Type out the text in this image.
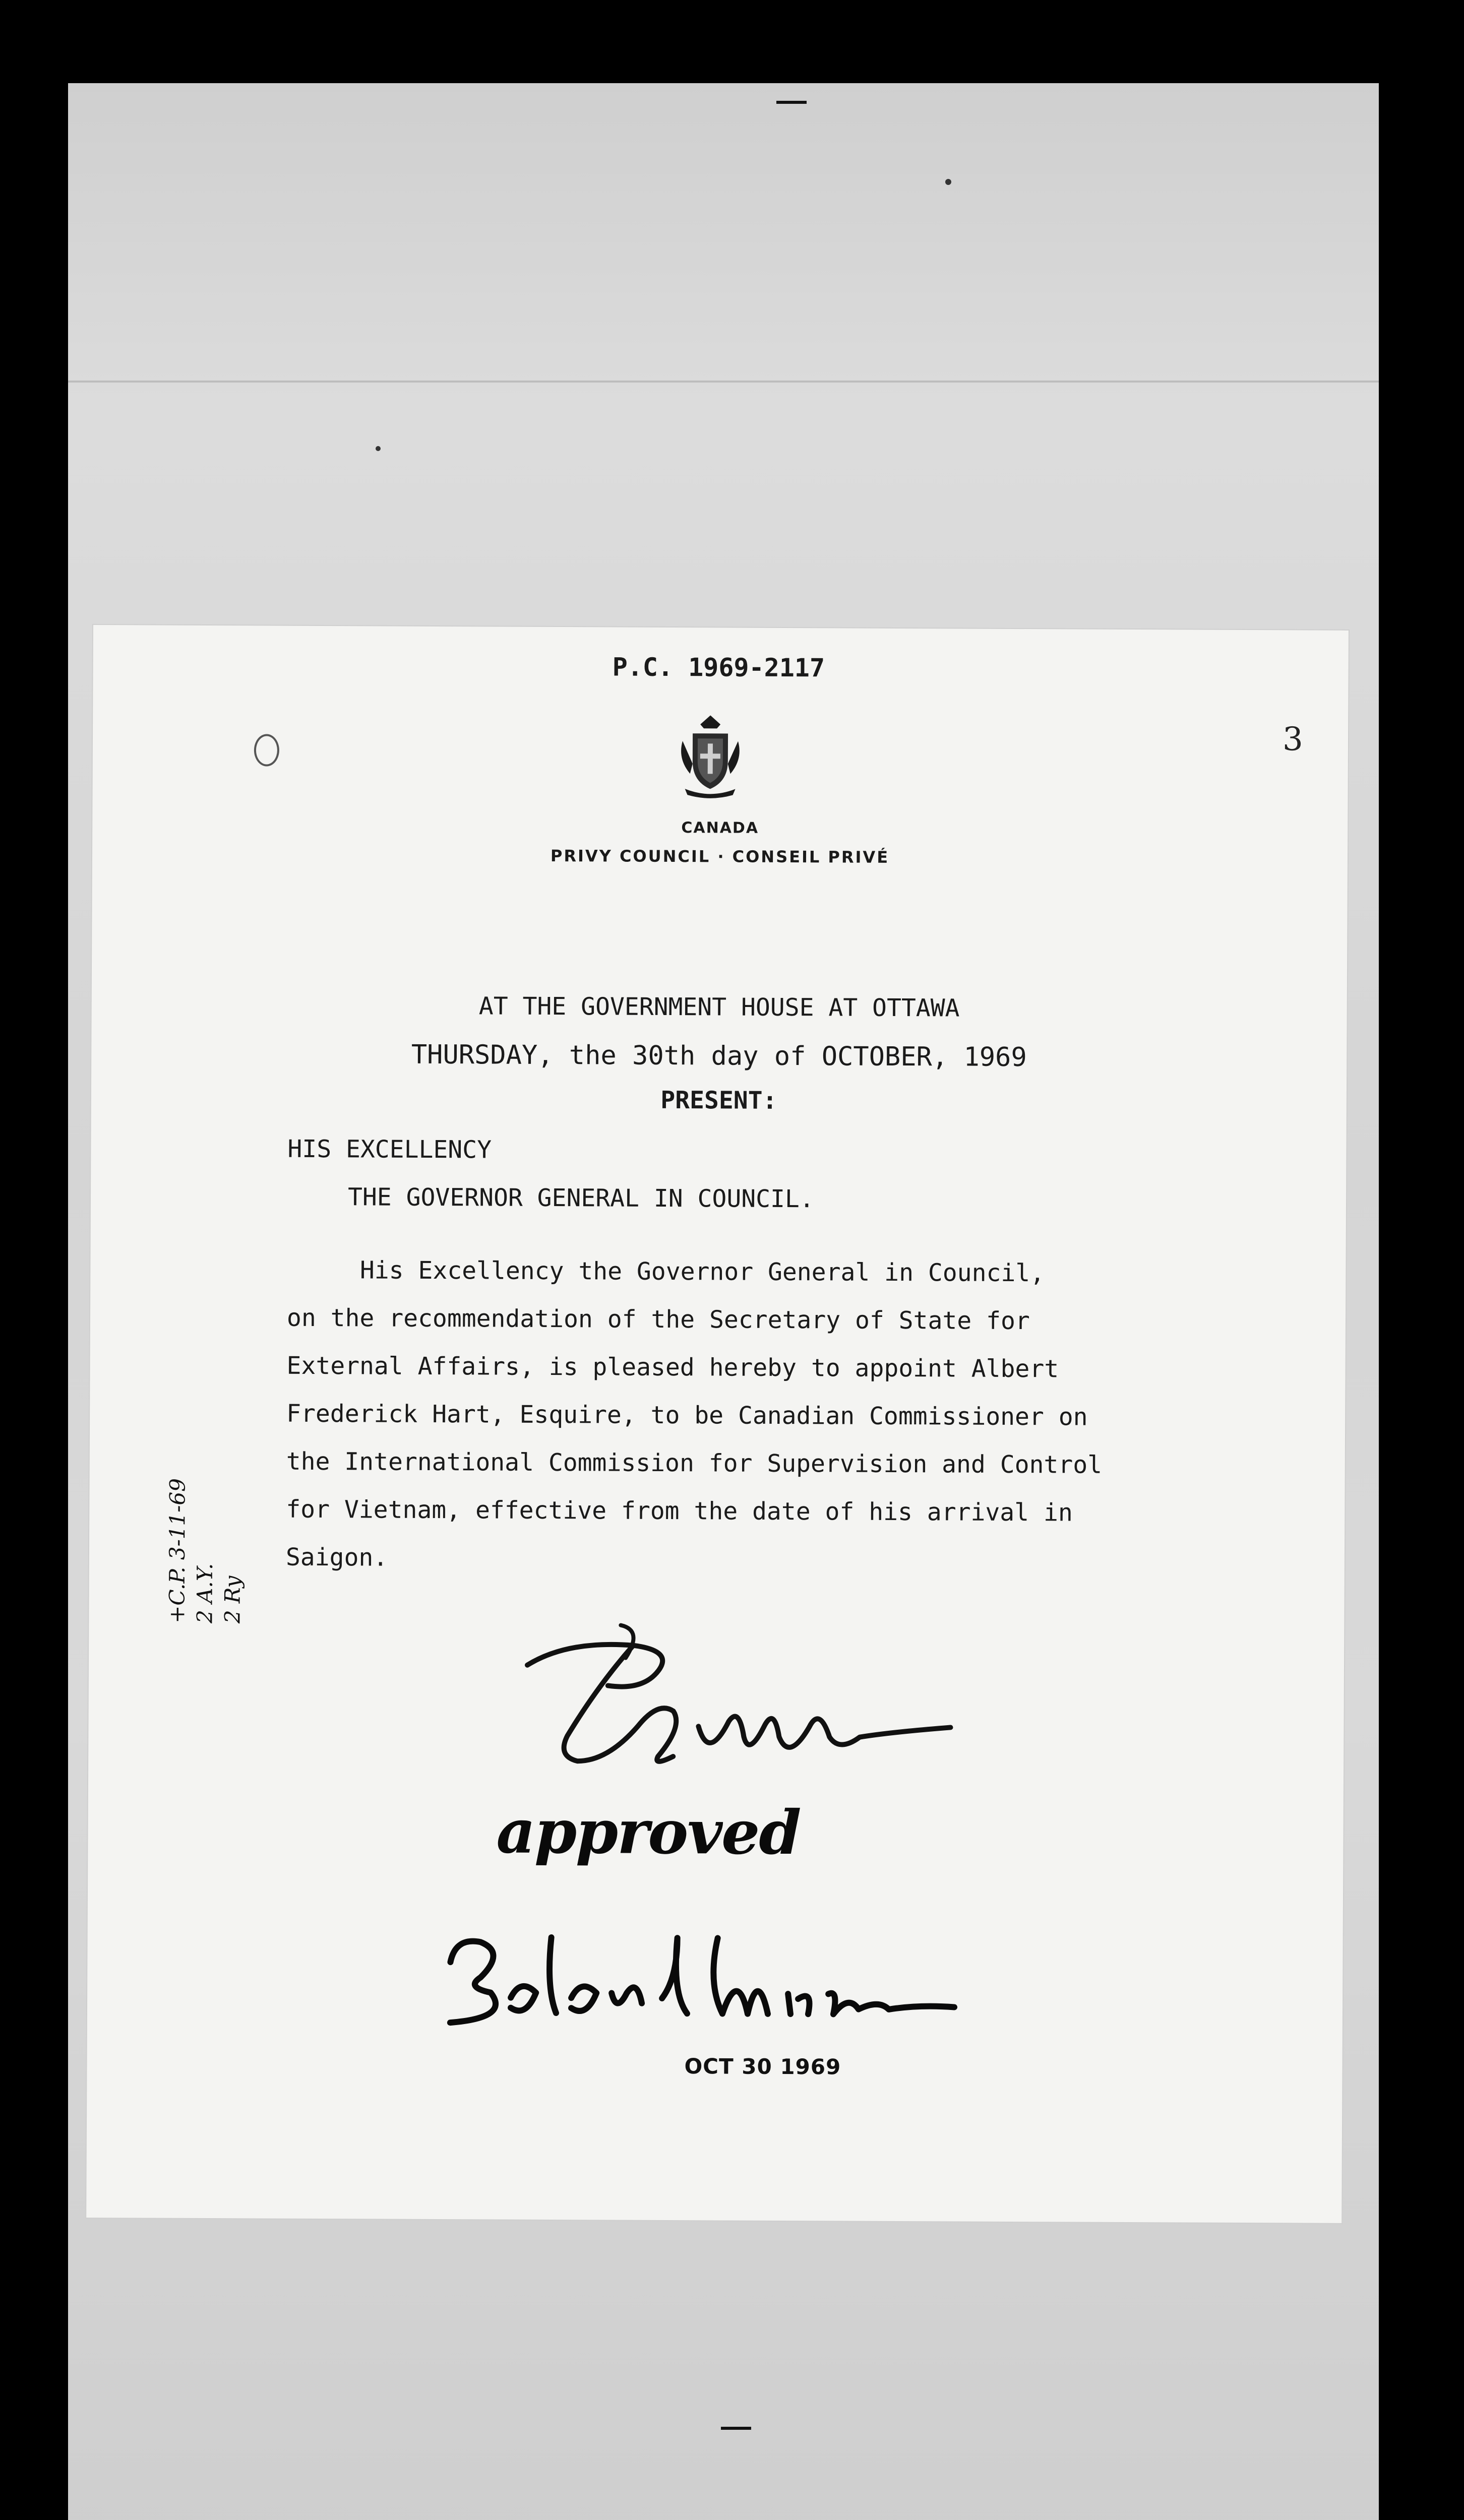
P.C. 1969-2117
3
CANADA
PRIVY COUNCIL · CONSEIL PRIVÉ
AT THE GOVERNMENT HOUSE AT OTTAWA
THURSDAY, the 30th day of OCTOBER, 1969
PRESENT:
HIS EXCELLENCY
THE GOVERNOR GENERAL IN COUNCIL.
His Excellency the Governor General in Council,
on the recommendation of the Secretary of State for
External Affairs, is pleased hereby to appoint Albert
Frederick Hart, Esquire, to be Canadian Commissioner on
the International Commission for Supervision and Control
for Vietnam, effective from the date of his arrival in
Saigon.
+C.P. 3-11-69 2 A.Y. 2 Ry
approved
OCT 30 1969
